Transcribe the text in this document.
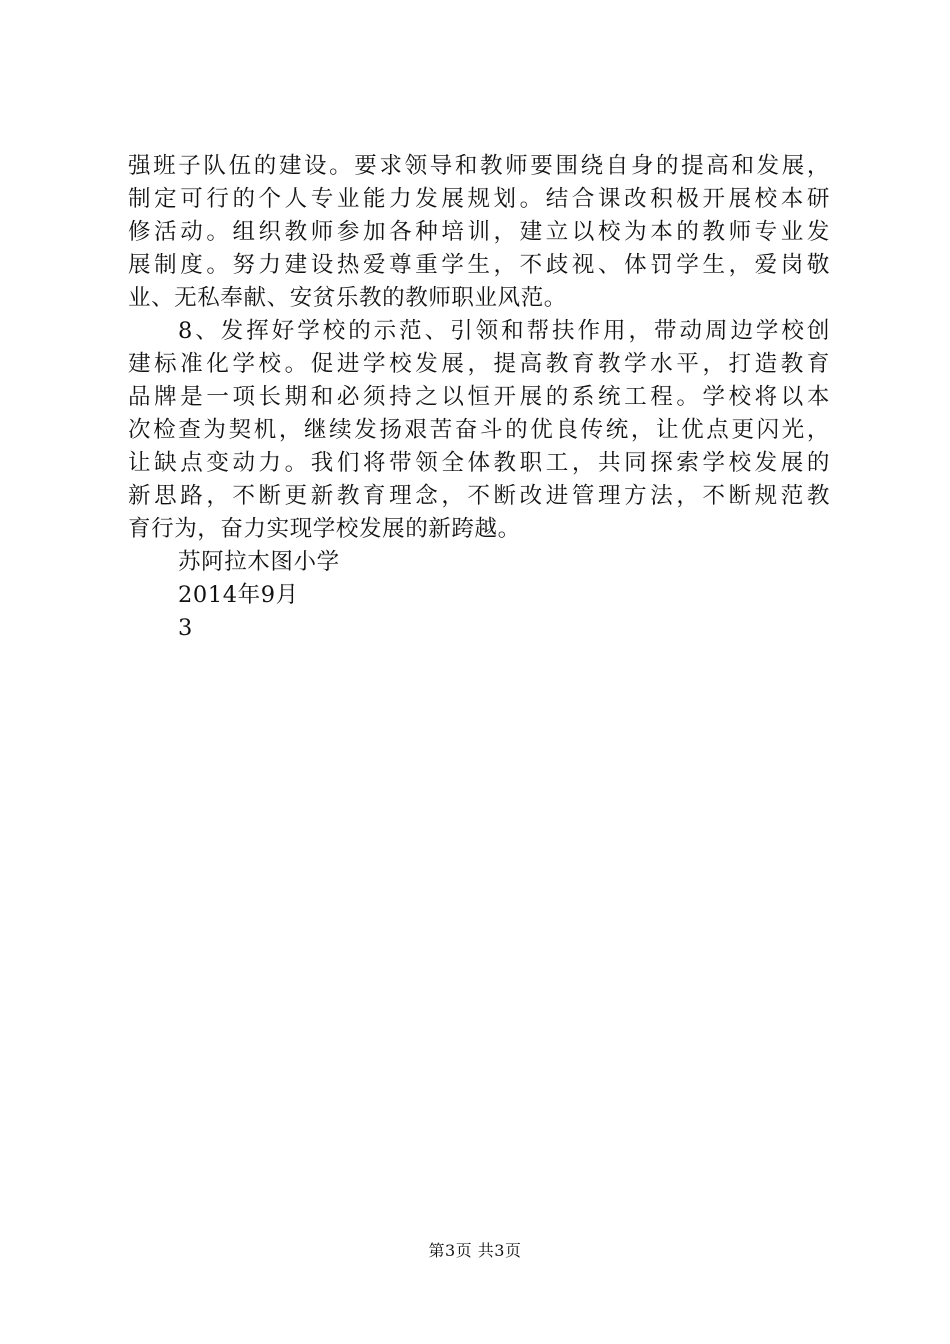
强班子队伍的建设。要求领导和教师要围绕自身的提高和发展，
制定可行的个人专业能力发展规划。结合课改积极开展校本研
修活动。组织教师参加各种培训，建立以校为本的教师专业发
展制度。努力建设热爱尊重学生，不歧视、体罚学生，爱岗敬
业、无私奉献、安贫乐教的教师职业风范。
8、发挥好学校的示范、引领和帮扶作用，带动周边学校创
建标准化学校。促进学校发展，提高教育教学水平，打造教育
品牌是一项长期和必须持之以恒开展的系统工程。学校将以本
次检查为契机，继续发扬艰苦奋斗的优良传统，让优点更闪光，
让缺点变动力。我们将带领全体教职工，共同探索学校发展的
新思路，不断更新教育理念，不断改进管理方法，不断规范教
育行为，奋力实现学校发展的新跨越。
苏阿拉木图小学
2014年9月
3
第3页 共3页
